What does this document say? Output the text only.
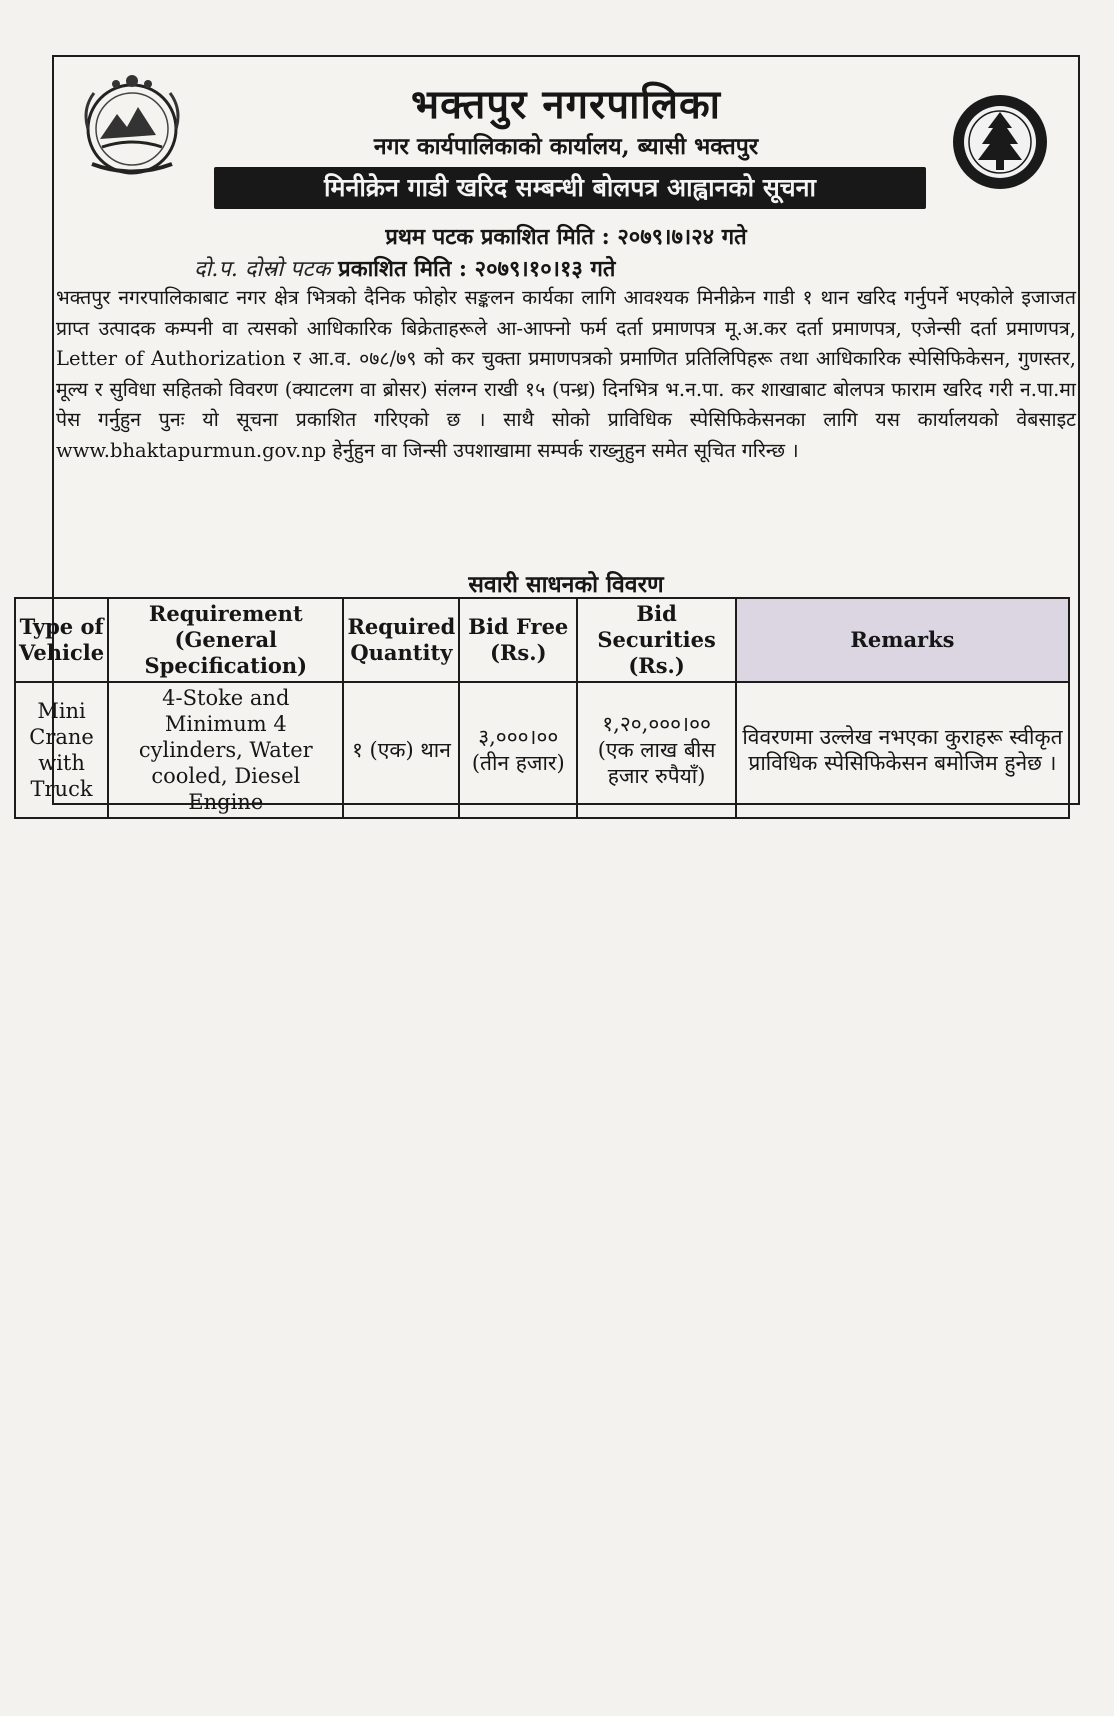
भक्तपुर नगरपालिका
नगर कार्यपालिकाको कार्यालय, ब्यासी भक्तपुर
मिनीक्रेन गाडी खरिद सम्बन्धी बोलपत्र आह्वानको सूचना
प्रथम पटक प्रकाशित मिति : २०७९।७।२४ गते
दो.प. दोस्रो पटक प्रकाशित मिति : २०७९।१०।१३ गते
भक्तपुर नगरपालिकाबाट नगर क्षेत्र भित्रको दैनिक फोहोर सङ्कलन कार्यका लागि आवश्यक मिनीक्रेन गाडी १ थान खरिद गर्नुपर्ने भएकोले इजाजत प्राप्त उत्पादक कम्पनी वा त्यसको आधिकारिक बिक्रेताहरूले आ-आफ्नो फर्म दर्ता प्रमाणपत्र मू.अ.कर दर्ता प्रमाणपत्र, एजेन्सी दर्ता प्रमाणपत्र, Letter of Authorization र आ.व. ०७८/७९ को कर चुक्ता प्रमाणपत्रको प्रमाणित प्रतिलिपिहरू तथा आधिकारिक स्पेसिफिकेसन, गुणस्तर, मूल्य र सुविधा सहितको विवरण (क्याटलग वा ब्रोसर) संलग्न राखी १५ (पन्ध्र) दिनभित्र भ.न.पा. कर शाखाबाट बोलपत्र फाराम खरिद गरी न.पा.मा पेस गर्नुहुन पुनः यो सूचना प्रकाशित गरिएको छ । साथै सोको प्राविधिक स्पेसिफिकेसनका लागि यस कार्यालयको वेबसाइट www.bhaktapurmun.gov.np हेर्नुहुन वा जिन्सी उपशाखामा सम्पर्क राख्नुहुन समेत सूचित गरिन्छ ।
सवारी साधनको विवरण
Type of Vehicle	Requirement (General Specification)	Required Quantity	Bid Free (Rs.)	Bid Securities (Rs.)	Remarks
Mini Crane with Truck	4-Stoke and Minimum 4 cylinders, Water cooled, Diesel Engine	१ (एक) थान	३,०००।०० (तीन हजार)	१,२०,०००।०० (एक लाख बीस हजार रुपैयाँ)	विवरणमा उल्लेख नभएका कुराहरू स्वीकृत प्राविधिक स्पेसिफिकेसन बमोजिम हुनेछ ।
